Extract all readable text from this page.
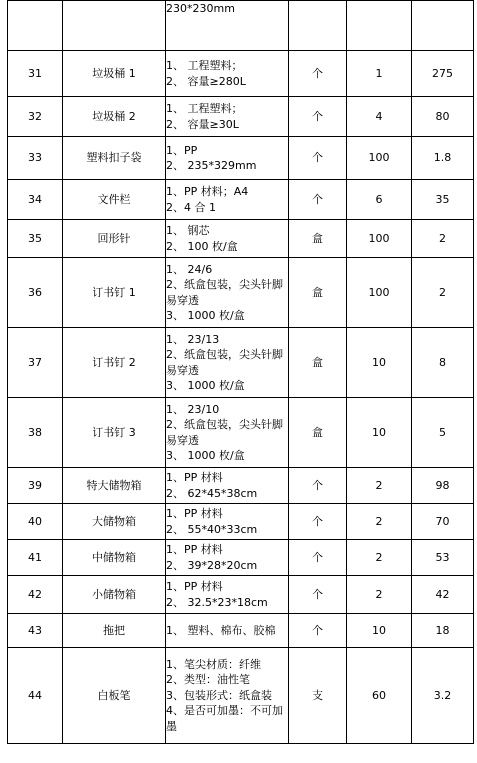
		230*230mm			

31	垃圾桶 1	1、 工程塑料；
2、 容量≥280L	个	1	275
32	垃圾桶 2	1、 工程塑料；
2、 容量≥30L	个	4	80
33	塑料扣子袋	1、PP
2、 235*329mm	个	100	1.8
34	文件栏	1、PP 材料；A4
2、4 合 1	个	6	35
35	回形针	1、 钢芯
2、 100 枚/盒	盒	100	2
36	订书钉 1	1、 24/6
2、纸盒包装，尖头针脚易穿透
3、 1000 枚/盒	盒	100	2
37	订书钉 2	1、 23/13
2、纸盒包装，尖头针脚易穿透
3、 1000 枚/盒	盒	10	8
38	订书钉 3	1、 23/10
2、纸盒包装，尖头针脚易穿透
3、 1000 枚/盒	盒	10	5
39	特大储物箱	1、PP 材料
2、 62*45*38cm	个	2	98
40	大储物箱	1、PP 材料
2、 55*40*33cm	个	2	70
41	中储物箱	1、PP 材料
2、 39*28*20cm	个	2	53
42	小储物箱	1、PP 材料
2、 32.5*23*18cm	个	2	42
43	拖把	1、 塑料、棉布、胶棉	个	10	18
44	白板笔	1、笔尖材质：纤维
2、类型：油性笔
3、包装形式：纸盒装
4、是否可加墨：不可加墨	支	60	3.2
